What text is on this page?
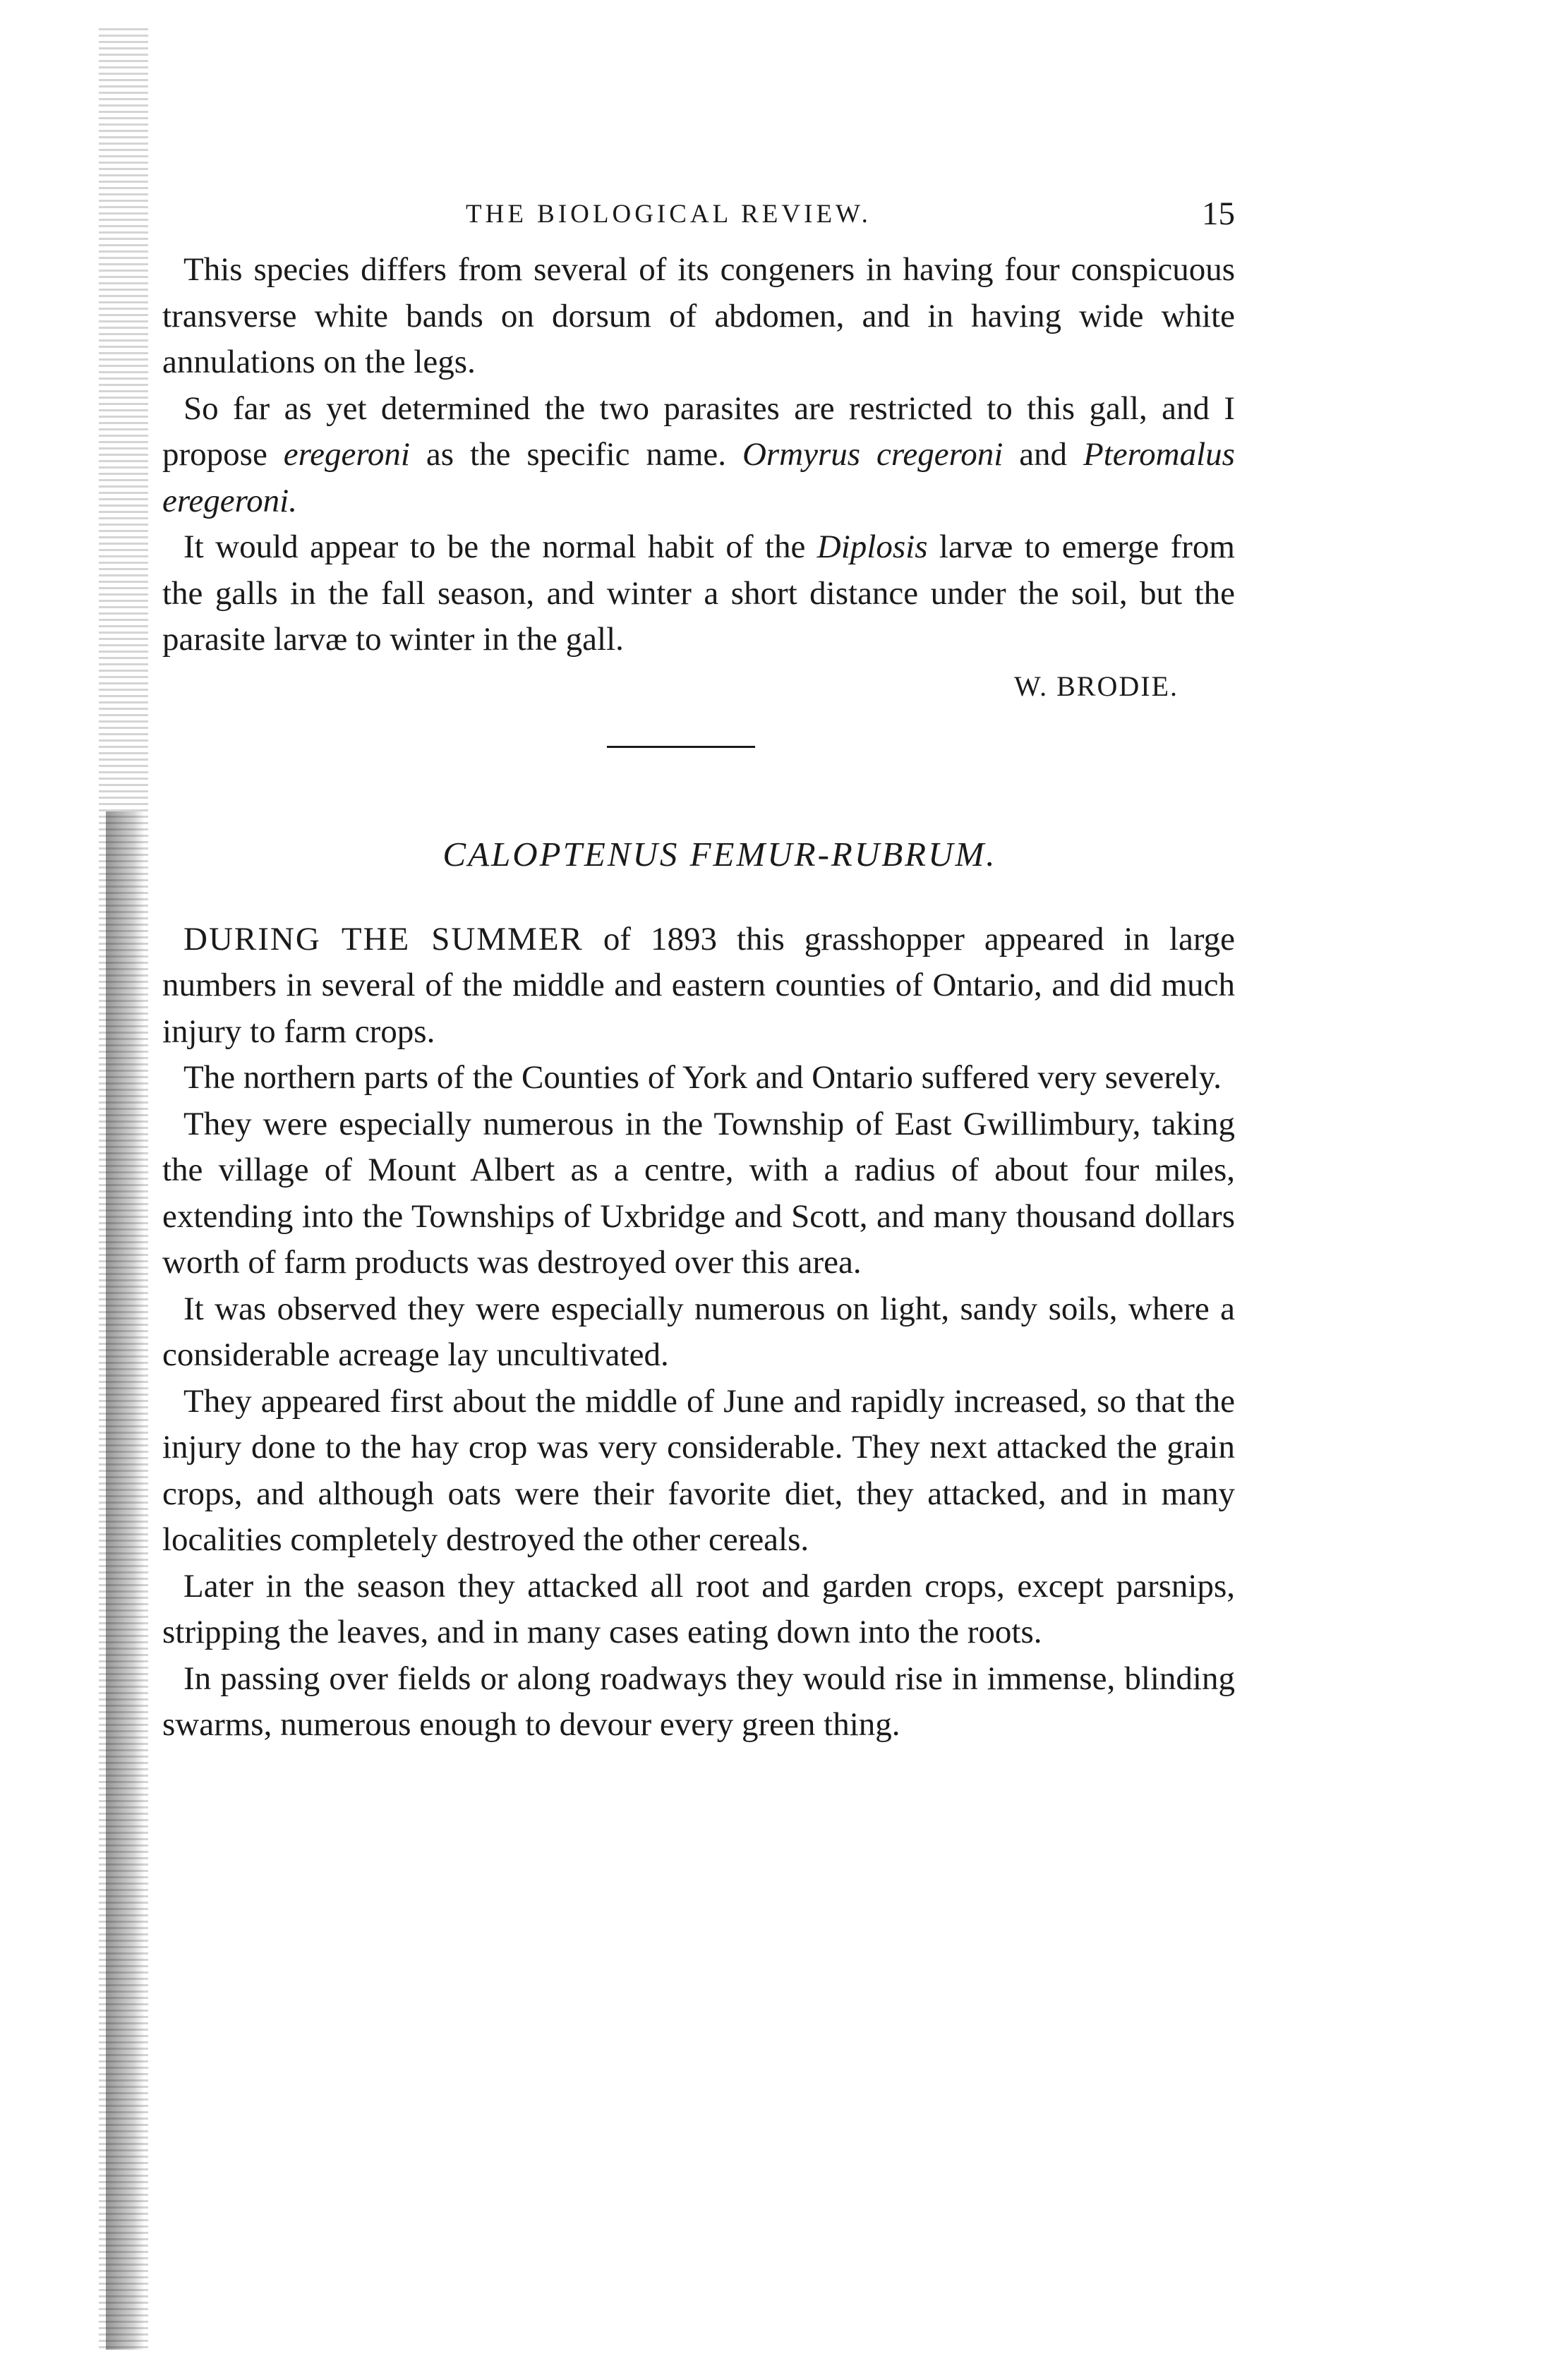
THE BIOLOGICAL REVIEW.	15

This species differs from several of its congeners in having four conspicuous transverse white bands on dorsum of abdomen, and in having wide white annulations on the legs.

So far as yet determined the two parasites are restricted to this gall, and I propose eregeroni as the specific name. Ormyrus cregeroni and Pteromalus eregeroni.

It would appear to be the normal habit of the Diplosis larvæ to emerge from the galls in the fall season, and winter a short distance under the soil, but the parasite larvæ to winter in the gall.

W. BRODIE.

CALOPTENUS FEMUR-RUBRUM.

DURING THE SUMMER of 1893 this grasshopper appeared in large numbers in several of the middle and eastern counties of Ontario, and did much injury to farm crops.

The northern parts of the Counties of York and Ontario suffered very severely.

They were especially numerous in the Township of East Gwillimbury, taking the village of Mount Albert as a centre, with a radius of about four miles, extending into the Townships of Uxbridge and Scott, and many thousand dollars worth of farm products was destroyed over this area.

It was observed they were especially numerous on light, sandy soils, where a considerable acreage lay uncultivated.

They appeared first about the middle of June and rapidly increased, so that the injury done to the hay crop was very considerable. They next attacked the grain crops, and although oats were their favorite diet, they attacked, and in many localities completely destroyed the other cereals.

Later in the season they attacked all root and garden crops, except parsnips, stripping the leaves, and in many cases eating down into the roots.

In passing over fields or along roadways they would rise in immense, blinding swarms, numerous enough to devour every green thing.
